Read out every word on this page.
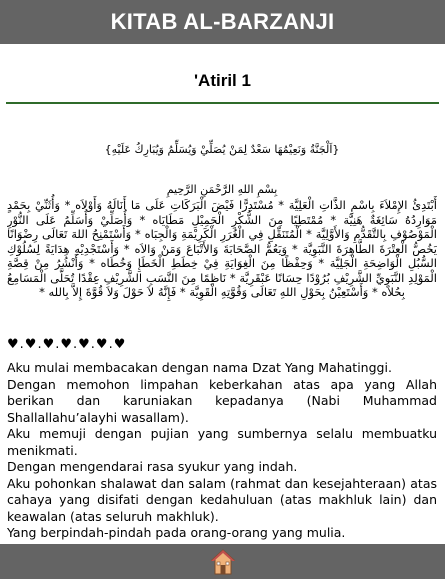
KITAB AL-BARZANJI
'Atiril 1
{اَلْجَنَّةُ وَنَعِيْمُهَا سَعْدٌ لِمَنْ يُصَلِّيْ وَيُسَلِّمُ وَيُبَارِكُ عَلَيْهِ}
بِسْمِ اللهِ الرَّحْمَنِ الرَّحِيمِ
أَبْتَدِئُ الإِمْلاَءَ بِاسْمِ الذَّاتِ الْعَلِيَّة * مُسْتَدِرًّا فَيْضَ الْبَرَكَاتِ عَلَى مَا أَنَالَهُ وَأَوْلاَه * وَأُثَنِّيْ بِحَمْدٍ مَوَارِدُهُ سَائِغَةٌ هَنِيَّة * مُمْتَطِيًا مِنَ الشُّكْرِ الْجَمِيْلِ مَطَايَاه * وَأُصَلِّيْ وَأُسَلِّمُ عَلَى النُّوْرِ الْمَوْصُوْفِ بِالتَّقَدُّمِ وَالأَوَّلِيَّة * الْمُتَنَقِّلِ فِي الْغُرَرِ الْكَرِيْمَةِ وَالْجِبَاه * وَأَسْتَمْنِحُ اللهَ تَعَالَى رِضْوَانًا يَخُصُّ الْعِتْرَةَ الطَّاهِرَةَ النَّبَوِيَّة * وَيَعُمُّ الصَّحَابَةَ وَالأَتْبَاعَ وَمَنْ وَالاَه * وَأَسْتَجْدِيْهِ هِدَايَةً لِسُلُوْكِ السُّبُلِ الْوَاضِحَةِ الْجَلِيَّة * وَحِفْظًا مِنَ الْغِوَايَةِ فِيْ خِطَطِ الْخَطَإِ وَخُطَاه * وَأَنْشُرُ مِنْ قِصَّةِ الْمَوْلِدِ النَّبَوِيِّ الشَّرِيْفِ بُرُوْدًا حِسَانًا عَبْقَرِيَّة * نَاظِمًا مِنَ النَّسَبِ الشَّرِيْفِ عِقْدًا تُحَلَّى الْمَسَامِعُ بِحُلاَه * وَأَسْتَعِيْنُ بِحَوْلِ اللهِ تَعَالَى وَقُوَّتِهِ الْقَوِيَّة * فَإِنَّهُ لاَ حَوْلَ وَلاَ قُوَّةَ إِلاَّ بِالله *
♥.♥.♥.♥.♥.♥.♥

Aku mulai membacakan dengan nama Dzat Yang Mahatinggi.

Dengan memohon limpahan keberkahan atas apa yang Allah berikan dan karuniakan kepadanya (Nabi Muhammad Shallallahu’alayhi wasallam).

Aku memuji dengan pujian yang sumbernya selalu membuatku menikmati.

Dengan mengendarai rasa syukur yang indah.

Aku pohonkan shalawat dan salam (rahmat dan kesejahteraan) atas cahaya yang disifati dengan kedahuluan (atas makhluk lain) dan keawalan (atas seluruh makhluk).

Yang berpindah-pindah pada orang-orang yang mulia.
